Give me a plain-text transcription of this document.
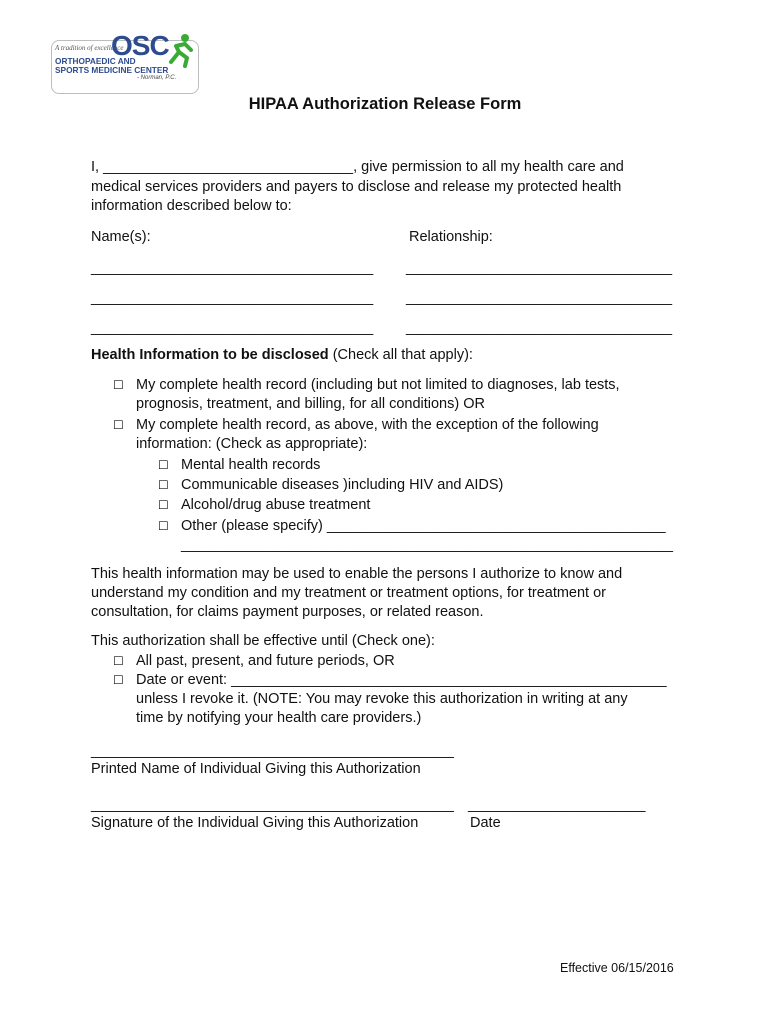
A tradition of excellence
OSC
ORTHOPAEDIC AND
SPORTS MEDICINE CENTER
- Norman, P.C.
HIPAA Authorization Release Form
I, _______________________________, give permission to all my health care and
medical services providers and payers to disclose and release my protected health
information described below to:
Name(s):	Relationship:
___________________________________ _________________________________
___________________________________ _________________________________
___________________________________ _________________________________
Health Information to be disclosed (Check all that apply):
☐ My complete health record (including but not limited to diagnoses, lab tests,
prognosis, treatment, and billing, for all conditions) OR
☐ My complete health record, as above, with the exception of the following
information: (Check as appropriate):
☐ Mental health records
☐ Communicable diseases )including HIV and AIDS)
☐ Alcohol/drug abuse treatment
☐ Other (please specify) __________________________________________
_____________________________________________________________
This health information may be used to enable the persons I authorize to know and
understand my condition and my treatment or treatment options, for treatment or
consultation, for claims payment purposes, or related reason.
This authorization shall be effective until (Check one):
☐ All past, present, and future periods, OR
☐ Date or event: ______________________________________________________
unless I revoke it. (NOTE: You may revoke this authorization in writing at any
time by notifying your health care providers.)
_____________________________________________
Printed Name of Individual Giving this Authorization
_____________________________________________ ______________________
Signature of the Individual Giving this Authorization	Date
Effective 06/15/2016
